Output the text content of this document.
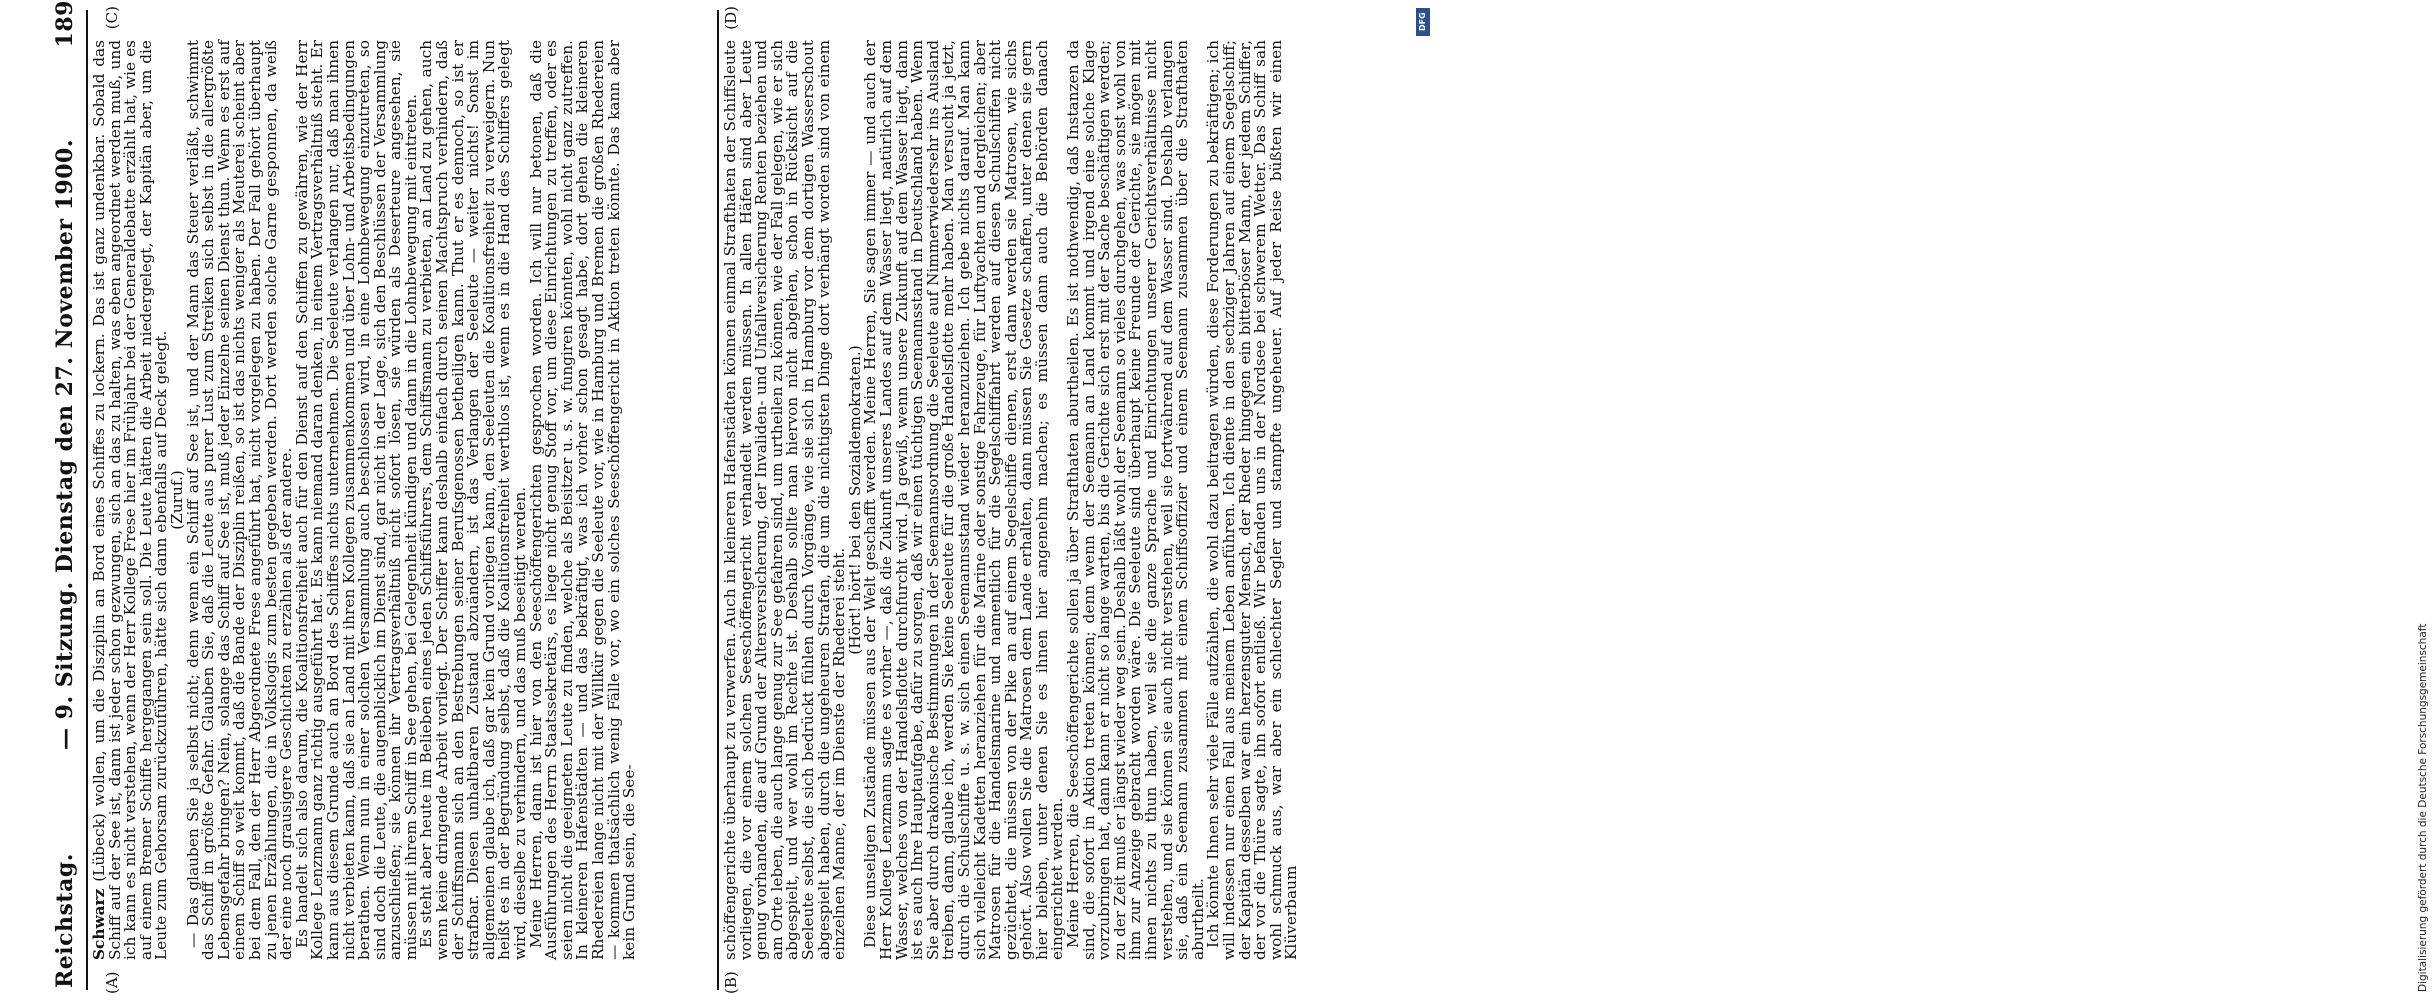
Reichstag.
— 9. Sitzung. Dienstag den 27. November 1900.
189
(A)	(B)
(C)	(D)

Schwarz (Lübeck) wollen, um die Disziplin an Bord eines Schiffes zu lockern. Das ist ganz undenkbar. Sobald das Schiff auf der See ist, dann ist jeder schon gezwungen, sich an das zu halten, was eben angeordnet werden muß, und ich kann es nicht verstehen, wenn der Herr Kollege Frese hier im Frühjahr bei der Generaldebatte erzählt hat, wie es auf einem Bremer Schiffe hergegangen sein soll. Die Leute hätten die Arbeit niedergelegt, der Kapitän aber, um die Leute zum Gehorsam zurückzuführen, hätte sich dann ebenfalls auf Deck gelegt.

(Zuruf.)

— Das glauben Sie ja selbst nicht; denn wenn ein Schiff auf See ist, und der Mann das Steuer verläßt, schwimmt das Schiff in größte Gefahr. Glauben Sie, daß die Leute aus purer Lust zum Streiken sich selbst in die allergrößte Lebensgefahr bringen? Nein, solange das Schiff auf See ist, muß jeder Einzelne seinen Dienst thun. Wenn es erst auf einem Schiff so weit kommt, daß die Bande der Disziplin reißen, so ist das nichts weniger als Meuterei scheint aber bei dem Fall, den der Herr Abgeordnete Frese angeführt hat, nicht vorgelegen zu haben. Der Fall gehört überhaupt zu jenen Erzählungen, die in Volkslogis zum besten gegeben werden. Dort werden solche Garne gesponnen, da weiß der eine noch grausigere Geschichten zu erzählen als der andere.

Es handelt sich also darum, die Koalitionsfreiheit auch für den Dienst auf den Schiffen zu gewähren, wie der Herr Kollege Lenzmann ganz richtig ausgeführt hat. Es kann niemand daran denken, in einem Vertragsverhältniß steht. Er kann aus diesem Grunde auch an Bord des Schiffes nichts unternehmen. Die Seeleute verlangen nur, daß man ihnen nicht verbieten kann, daß sie an Land mit ihren Kollegen zusammenkommen und über Lohn- und Arbeitsbedingungen berathen. Wenn nun in einer solchen Versammlung auch beschlossen wird, in eine Lohnbewegung einzutreten, so sind doch die Leute, die augenblicklich im Dienst sind, gar nicht in der Lage, sich den Beschlüssen der Versammlung anzuschließen; sie können ihr Vertragsverhältniß nicht sofort lösen, sie würden als Deserteure angesehen, sie müssen mit ihrem Schiff in See gehen, bei Gelegenheit kündigen und dann in die Lohnbewegung mit eintreten.

Es steht aber heute im Belieben eines jeden Schiffsführers, dem Schiffsmann zu verbieten, an Land zu gehen, auch wenn keine dringende Arbeit vorliegt. Der Schiffer kann deshalb einfach durch seinen Machtspruch verhindern, daß der Schiffsmann sich an den Bestrebungen seiner Berufsgenossen betheiligen kann. Thut er es dennoch, so ist er strafbar. Diesen unhaltbaren Zustand abzuändern, ist das Verlangen der Seeleute — weiter nichts! Sonst im allgemeinen glaube ich, daß gar kein Grund vorliegen kann, den Seeleuten die Koalitionsfreiheit zu verweigern. Nun heißt es in der Begründung selbst, daß die Koalitionsfreiheit werthlos ist, wenn es in die Hand des Schiffers gelegt wird, dieselbe zu verhindern, und das muß beseitigt werden.

Meine Herren, dann ist hier von den Seeschöffengerichten gesprochen worden. Ich will nur betonen, daß die Ausführungen des Herrn Staatssekretärs, es liege nicht genug Stoff vor, um diese Einrichtungen zu treffen, oder es seien nicht die geeigneten Leute zu finden, welche als Beisitzer u. s. w. fungiren könnten, wohl nicht ganz zutreffen. In kleineren Hafenstädten — und das bekräftigt, was ich vorher schon gesagt habe, dort gehen die kleineren Rhedereien lange nicht mit der Willkür gegen die Seeleute vor, wie in Hamburg und Bremen die großen Rhedereien — kommen thatsächlich wenig Fälle vor, wo ein solches Seeschöffengericht in Aktion treten könnte. Das kann aber kein Grund sein, die See-	schöffengerichte überhaupt zu verwerfen. Auch in kleineren Hafenstädten können einmal Strafthaten der Schiffsleute vorliegen, die vor einem solchen Seeschöffengericht verhandelt werden müssen. In allen Häfen sind aber Leute genug vorhanden, die auf Grund der Altersversicherung, der Invaliden- und Unfallversicherung Renten beziehen und am Orte leben, die auch lange genug zur See gefahren sind, um urtheilen zu können, wie der Fall gelegen, wie er sich abgespielt, und wer wohl im Rechte ist. Deshalb sollte man hiervon nicht abgehen, schon in Rücksicht auf die Seeleute selbst, die sich bedrückt fühlen durch Vorgänge, wie sie sich in Hamburg vor dem dortigen Wasserschout abgespielt haben, durch die ungeheuren Strafen, die um die nichtigsten Dinge dort verhängt worden sind von einem einzelnen Manne, der im Dienste der Rhederei steht.

(Hört! hört! bei den Sozialdemokraten.)

Diese unseligen Zustände müssen aus der Welt geschafft werden. Meine Herren, Sie sagen immer — und auch der Herr Kollege Lenzmann sagte es vorher —, daß die Zukunft unseres Landes auf dem Wasser liegt, natürlich auf dem Wasser, welches von der Handelsflotte durchfurcht wird. Ja gewiß, wenn unsere Zukunft auf dem Wasser liegt, dann ist es auch Ihre Hauptaufgabe, dafür zu sorgen, daß wir einen tüchtigen Seemannsstand in Deutschland haben. Wenn Sie aber durch drakonische Bestimmungen in der Seemannsordnung die Seeleute auf Nimmerwiedersehr ins Ausland treiben, dann, glaube ich, werden Sie keine Seeleute für die große Handelsflotte mehr haben. Man versucht ja jetzt, durch die Schulschiffe u. s. w. sich einen Seemannsstand wieder heranzuziehen. Ich gebe nichts darauf. Man kann sich vielleicht Kadetten heranziehen für die Marine oder sonstige Fahrzeuge, für Luftyachten und dergleichen; aber Matrosen für die Handelsmarine und namentlich für die Segelschifffahrt werden auf diesen Schulschiffen nicht gezüchtet, die müssen von der Pike an auf einem Segelschiffe dienen, erst dann werden sie Matrosen, wie sichs gehört. Also wollen Sie die Matrosen dem Lande erhalten, dann müssen Sie Gesetze schaffen, unter denen sie gern hier bleiben, unter denen Sie es ihnen hier angenehm machen; es müssen dann auch die Behörden danach eingerichtet werden.

Meine Herren, die Seeschöffengerichte sollen ja über Strafthaten aburtheilen. Es ist nothwendig, daß Instanzen da sind, die sofort in Aktion treten können; denn wenn der Seemann an Land kommt und irgend eine solche Klage vorzubringen hat, dann kann er nicht so lange warten, bis die Gerichte sich erst mit der Sache beschäftigen werden; zu der Zeit muß er längst wieder weg sein. Deshalb läßt wohl der Seemann so vieles durchgehen, was sonst wohl von ihm zur Anzeige gebracht worden wäre. Die Seeleute sind überhaupt keine Freunde der Gerichte, sie mögen mit ihnen nichts zu thun haben, weil sie die ganze Sprache und Einrichtungen unserer Gerichtsverhältnisse nicht verstehen, und sie können sie auch nicht verstehen, weil sie fortwährend auf dem Wasser sind. Deshalb verlangen sie, daß ein Seemann zusammen mit einem Schiffsoffizier und einem Seemann zusammen über die Strafthaten aburtheilt.

Ich könnte Ihnen sehr viele Fälle aufzählen, die wohl dazu beitragen würden, diese Forderungen zu bekräftigen; ich will indessen nur einen Fall aus meinem Leben anführen. Ich diente in den sechziger Jahren auf einem Segelschiff; der Kapitän desselben war ein herzensguter Mensch, der Rheder hingegen ein bitterböser Mann, der jedem Schiffer, der vor die Thüre sagte, ihn sofort entließ. Wir befanden uns in der Nordsee bei schwerem Wetter. Das Schiff sah wohl schmuck aus, war aber ein schlechter Segler und stampfte ungeheuer. Auf jeder Reise büßten wir einen Klüverbaum

DFG
Digitalisierung gefördert durch die Deutsche Forschungsgemeinschaft
